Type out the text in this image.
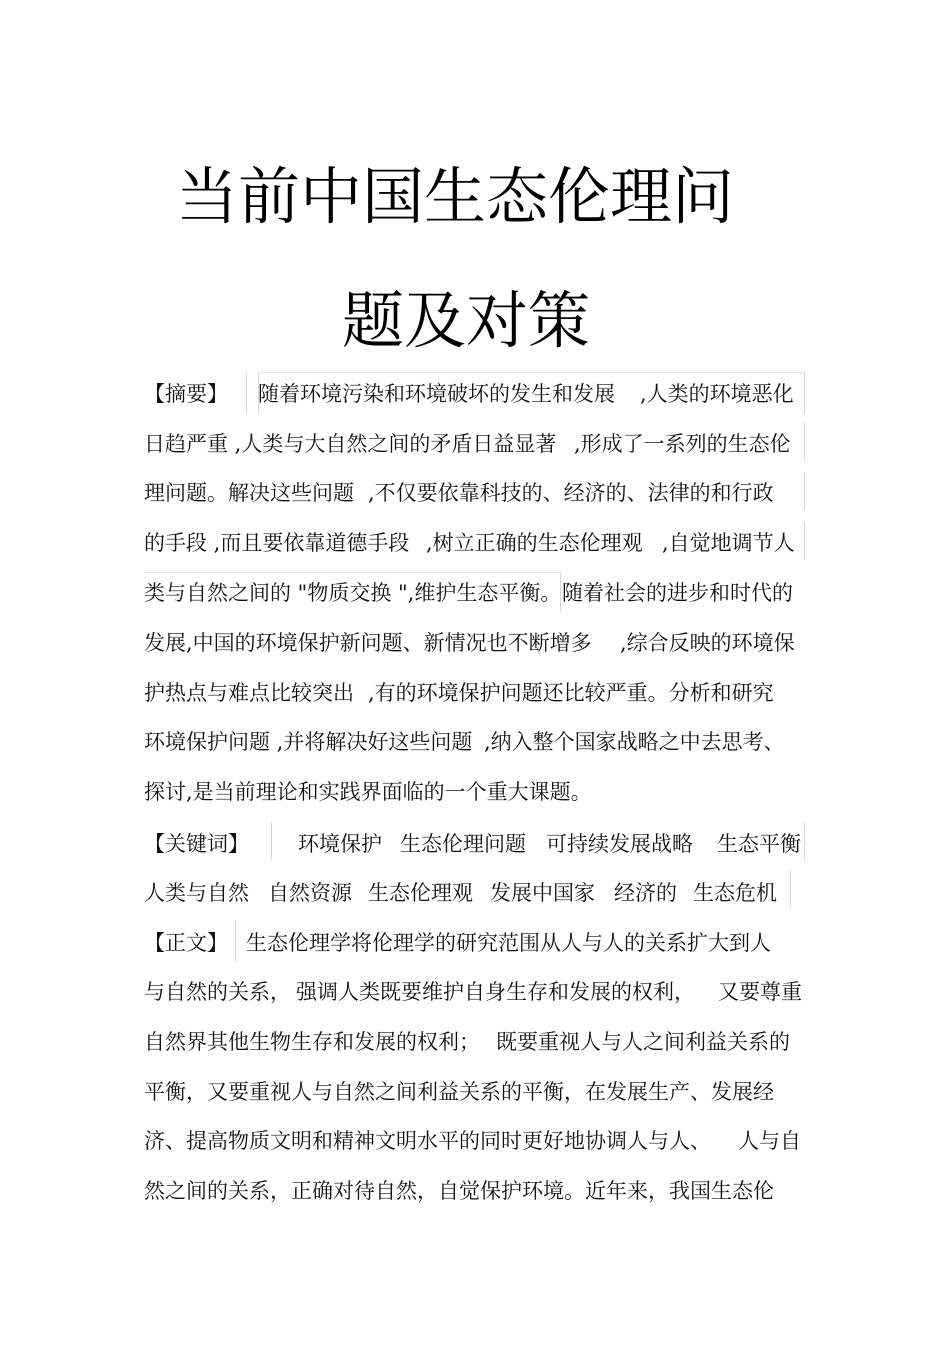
当前中国生态伦理问
题及对策
【摘要】 随着环境污染和环境破坏的发生和发展 ,人类的环境恶化
日趋严重 ,人类与大自然之间的矛盾日益显著 ,形成了一系列的生态伦
理问题。解决这些问题 ,不仅要依靠科技的、经济的、法律的和行政
的手段 ,而且要依靠道德手段 ,树立正确的生态伦理观 ,自觉地调节人
类与自然之间的 "物质交换 ",维护生态平衡。 随着社会的进步和时代的
发展,中国的环境保护新问题、新情况也不断增多 ,综合反映的环境保
护热点与难点比较突出 ,有的环境保护问题还比较严重。分析和研究
环境保护问题 ,并将解决好这些问题 ,纳入整个国家战略之中去思考、
探讨,是当前理论和实践界面临的一个重大课题。
【关键词】 环境保护 生态伦理问题 可持续发展战略 生态平衡
人类与自然 自然资源 生态伦理观 发展中国家 经济的 生态危机
【正文】 生态伦理学将伦理学的研究范围从人与人的关系扩大到人
与自然的关系， 强调人类既要维护自身生存和发展的权利， 又要尊重
自然界其他生物生存和发展的权利； 既要重视人与人之间利益关系的
平衡，又要重视人与自然之间利益关系的平衡，在发展生产、发展经
济、提高物质文明和精神文明水平的同时更好地协调人与人、 人与自
然之间的关系，正确对待自然，自觉保护环境。近年来，我国生态伦
